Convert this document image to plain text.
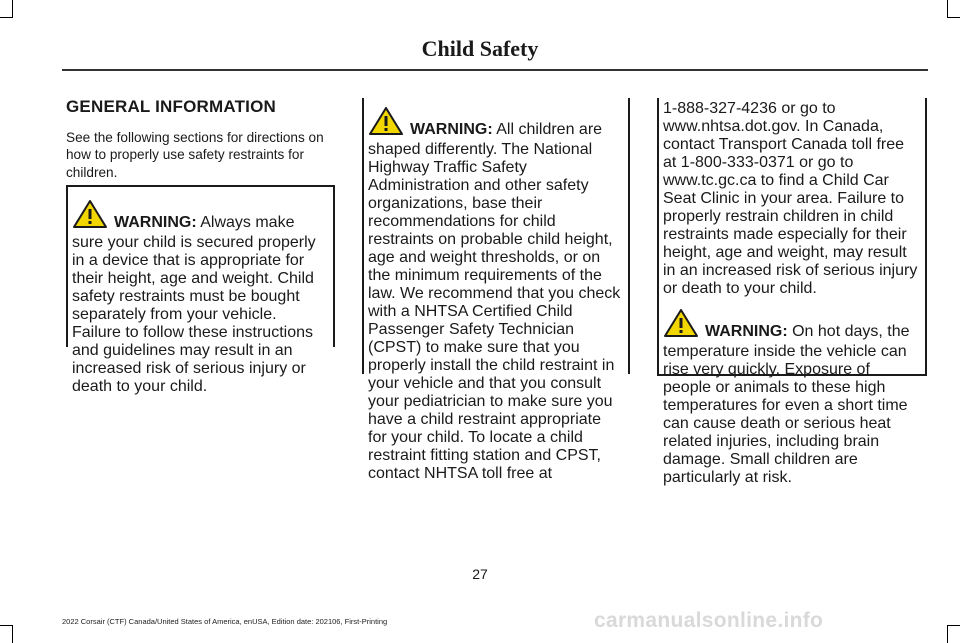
Child Safety
GENERAL INFORMATION

See the following sections for directions on how to properly use safety restraints for children.

WARNING: Always make sure your child is secured properly in a device that is appropriate for their height, age and weight. Child safety restraints must be bought separately from your vehicle. Failure to follow these instructions and guidelines may result in an increased risk of serious injury or death to your child.
WARNING: All children are shaped differently. The National Highway Traffic Safety Administration and other safety organizations, base their recommendations for child restraints on probable child height, age and weight thresholds, or on the minimum requirements of the law. We recommend that you check with a NHTSA Certified Child Passenger Safety Technician (CPST) to make sure that you properly install the child restraint in your vehicle and that you consult your pediatrician to make sure you have a child restraint appropriate for your child. To locate a child restraint fitting station and CPST, contact NHTSA toll free at

1-888-327-4236 or go to www.nhtsa.dot.gov. In Canada, contact Transport Canada toll free at 1-800-333-0371 or go to www.tc.gc.ca to find a Child Car Seat Clinic in your area. Failure to properly restrain children in child restraints made especially for their height, age and weight, may result in an increased risk of serious injury or death to your child.

WARNING: On hot days, the temperature inside the vehicle can rise very quickly. Exposure of people or animals to these high temperatures for even a short time can cause death or serious heat related injuries, including brain damage. Small children are particularly at risk.
27
2022 Corsair (CTF) Canada/United States of America, enUSA, Edition date: 202106, First-Printing	carmanualsonline.info
